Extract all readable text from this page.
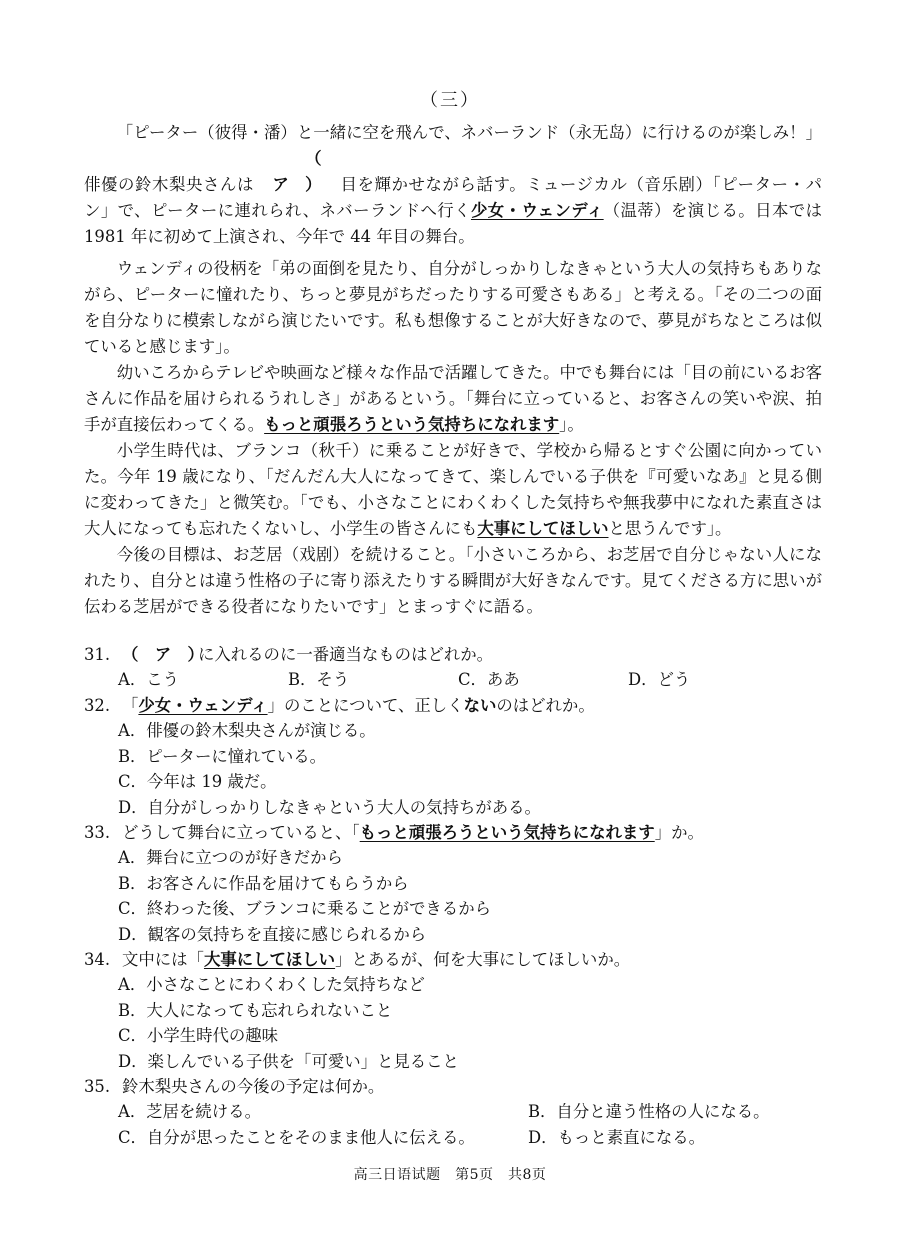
（三）

「ピーター（彼得・潘）と一緒に空を飛んで、ネバーランド（永无岛）に行けるのが楽しみ！」俳優の鈴木梨央さんは（　ア　） 目を輝かせながら話す。ミュージカル（音乐剧）「ピーター・パン」で、ピーターに連れられ、ネバーランドへ行く少女・ウェンディ（温蒂）を演じる。日本では 1981 年に初めて上演され、今年で 44 年目の舞台。

ウェンディの役柄を「弟の面倒を見たり、自分がしっかりしなきゃという大人の気持ちもありながら、ピーターに憧れたり、ちっと夢見がちだったりする可愛さもある」と考える。「その二つの面を自分なりに模索しながら演じたいです。私も想像することが大好きなので、夢見がちなところは似ていると感じます」。

幼いころからテレビや映画など様々な作品で活躍してきた。中でも舞台には「目の前にいるお客さんに作品を届けられるうれしさ」があるという。「舞台に立っていると、お客さんの笑いや涙、拍手が直接伝わってくる。もっと頑張ろうという気持ちになれます」。

小学生時代は、ブランコ（秋千）に乗ることが好きで、学校から帰るとすぐ公園に向かっていた。今年 19 歳になり、「だんだん大人になってきて、楽しんでいる子供を『可愛いなあ』と見る側に変わってきた」と微笑む。「でも、小さなことにわくわくした気持ちや無我夢中になれた素直さは大人になっても忘れたくないし、小学生の皆さんにも大事にしてほしいと思うんです」。

今後の目標は、お芝居（戏剧）を続けること。「小さいころから、お芝居で自分じゃない人になれたり、自分とは違う性格の子に寄り添えたりする瞬間が大好きなんです。見てくださる方に思いが伝わる芝居ができる役者になりたいです」とまっすぐに語る。

31. （　ア　）に入れるのに一番適当なものはどれか。
A．こう	B．そう	C．ああ	D．どう
32. 「少女・ウェンディ」のことについて、正しくないのはどれか。
A．俳優の鈴木梨央さんが演じる。
B．ピーターに憧れている。
C．今年は 19 歳だ。
D．自分がしっかりしなきゃという大人の気持ちがある。
33. どうして舞台に立っていると、「もっと頑張ろうという気持ちになれます」か。
A．舞台に立つのが好きだから
B．お客さんに作品を届けてもらうから
C．終わった後、ブランコに乗ることができるから
D．観客の気持ちを直接に感じられるから
34. 文中には「大事にしてほしい」とあるが、何を大事にしてほしいか。
A．小さなことにわくわくした気持ちなど
B．大人になっても忘れられないこと
C．小学生時代の趣味
D．楽しんでいる子供を「可愛い」と見ること
35. 鈴木梨央さんの今後の予定は何か。
A．芝居を続ける。	B．自分と違う性格の人になる。
C．自分が思ったことをそのまま他人に伝える。	D．もっと素直になる。
高三日语试题　第5页　共8页
